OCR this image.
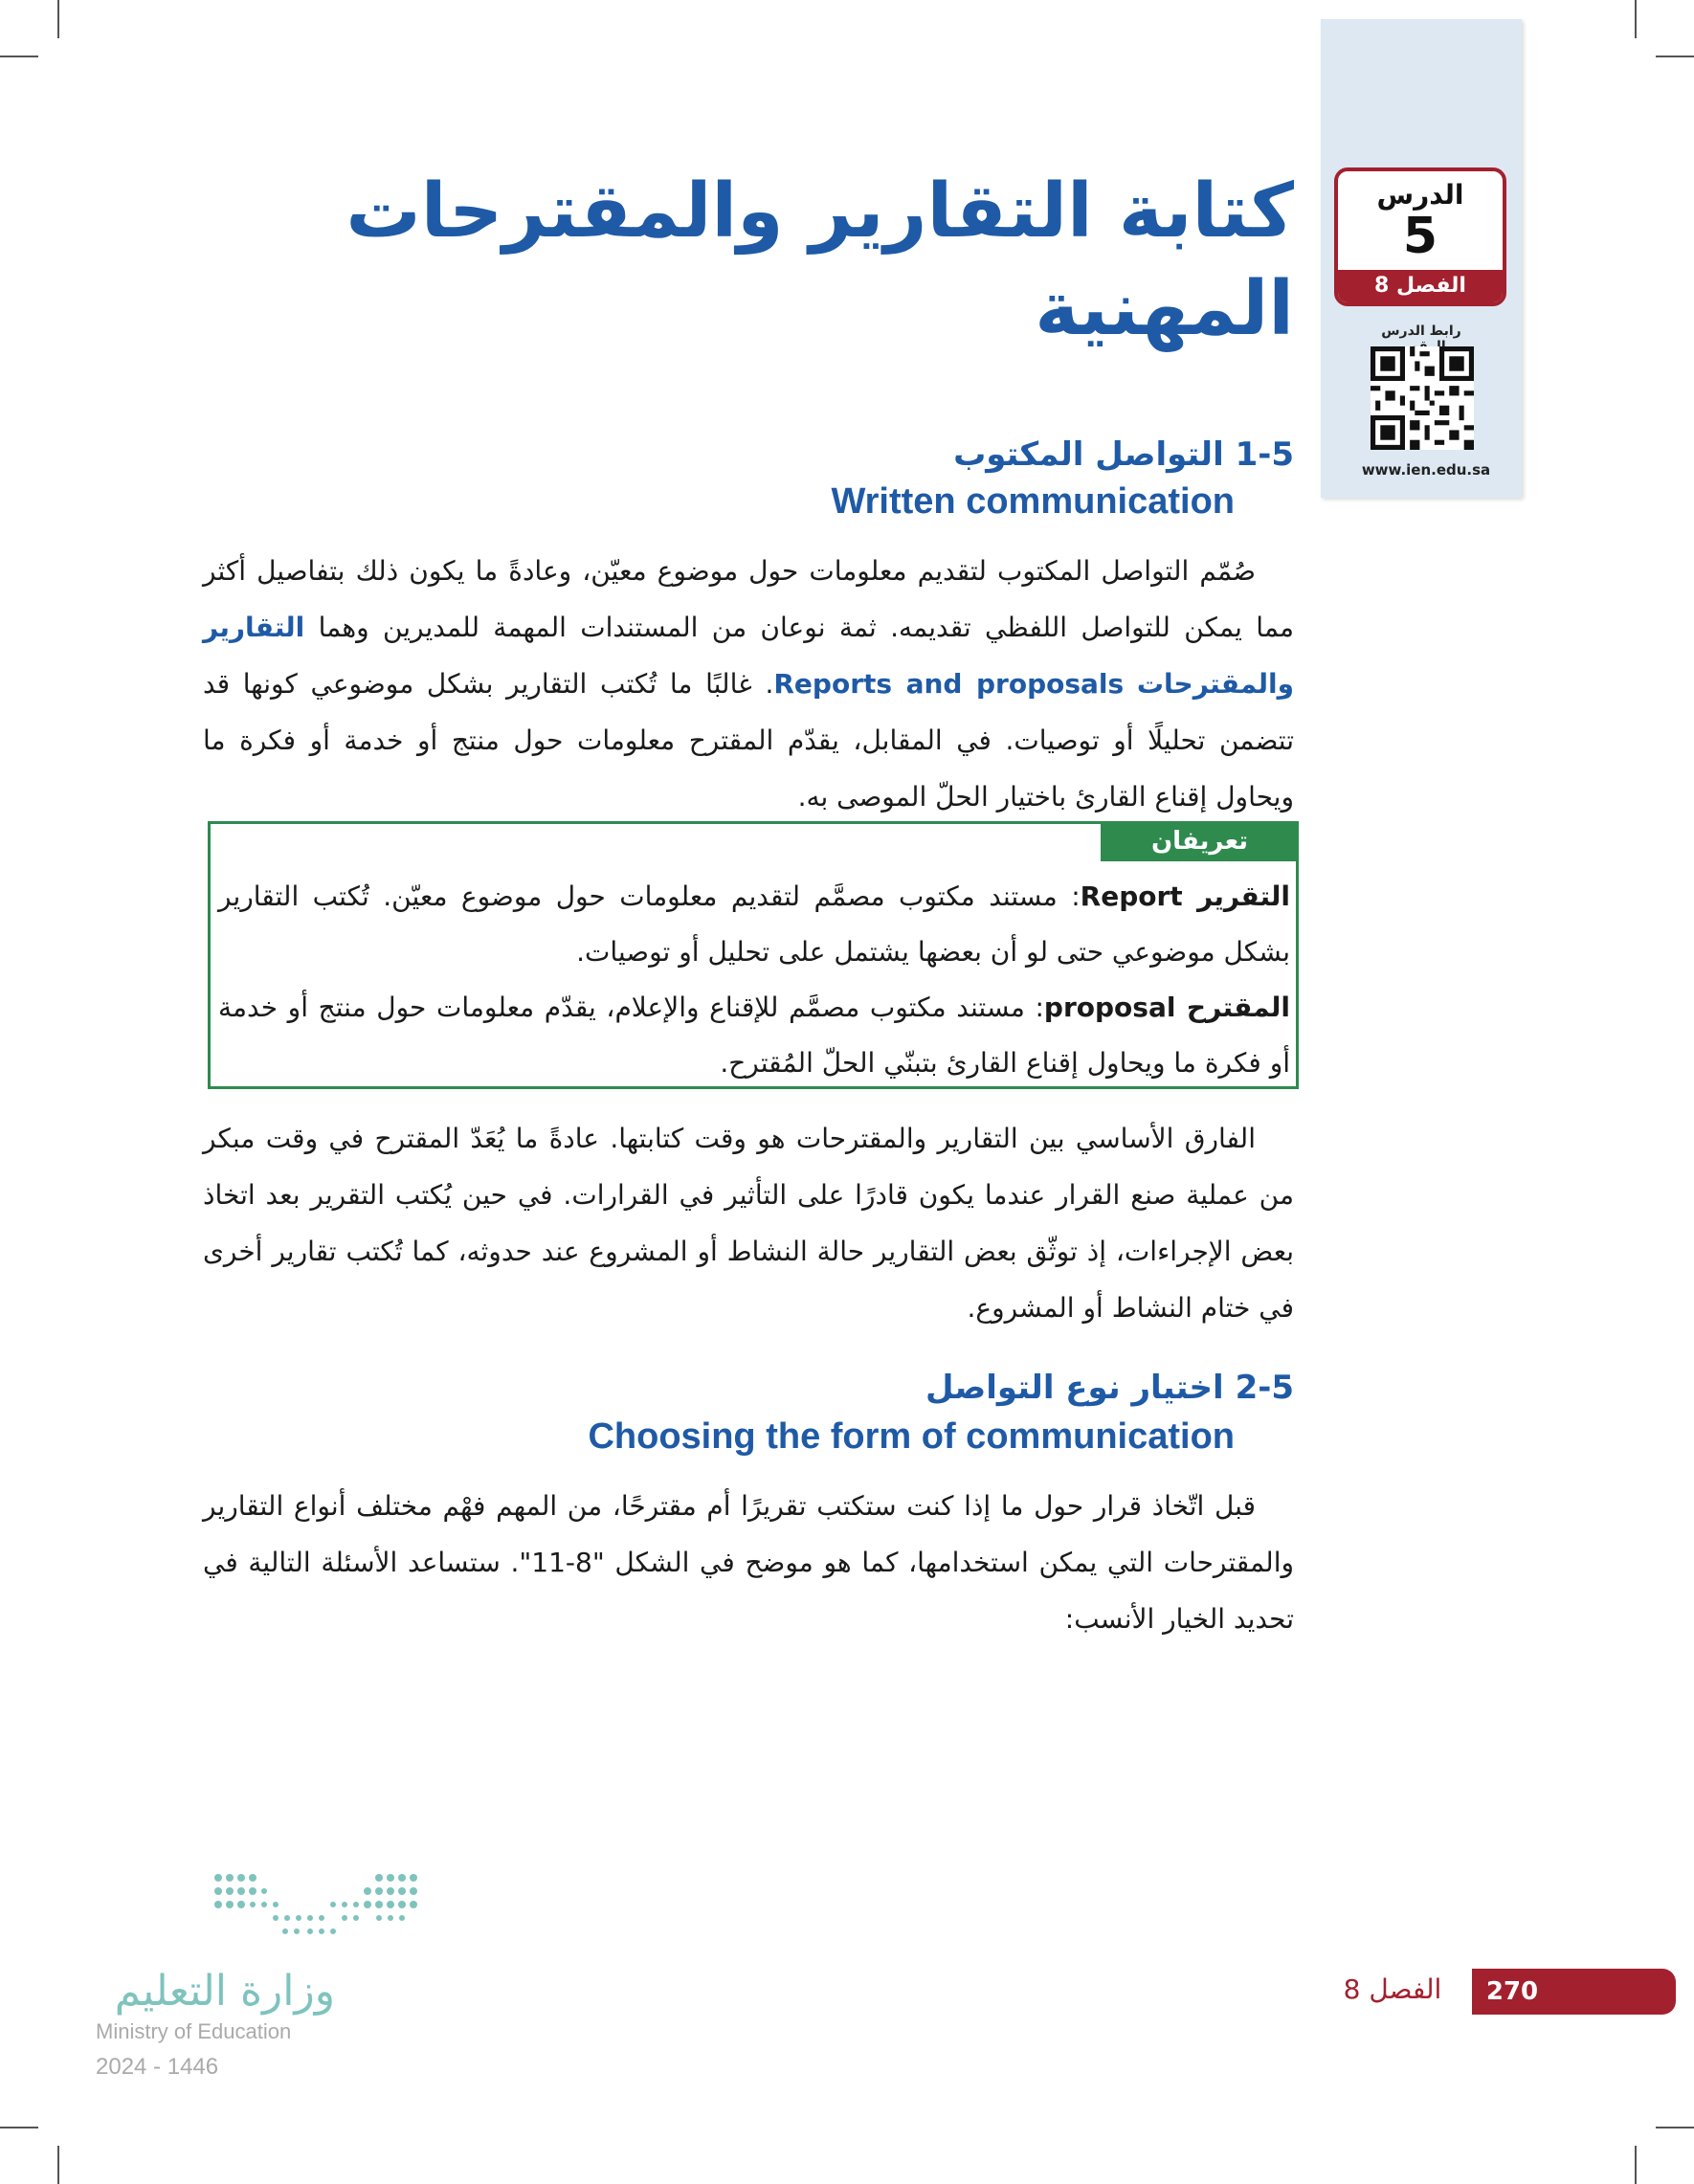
الدرس
5
الفصل 8
رابط الدرس
www.ien.edu.sa
كتابة التقارير والمقترحات
المهنية
1-5 التواصل المكتوب
Written communication
صُمّم التواصل المكتوب لتقديم معلومات حول موضوع معيّن، وعادةً ما يكون ذلك بتفاصيل أكثر مما يمكن للتواصل اللفظي تقديمه. ثمة نوعان من المستندات المهمة للمديرين وهما التقارير والمقترحات Reports and proposals. غالبًا ما تُكتب التقارير بشكل موضوعي كونها قد تتضمن تحليلًا أو توصيات. في المقابل، يقدّم المقترح معلومات حول منتج أو خدمة أو فكرة ما ويحاول إقناع القارئ باختيار الحلّ الموصى به.
تعريفان
التقرير Report: مستند مكتوب مصمَّم لتقديم معلومات حول موضوع معيّن. تُكتب التقارير بشكل موضوعي حتى لو أن بعضها يشتمل على تحليل أو توصيات.
المقترح proposal: مستند مكتوب مصمَّم للإقناع والإعلام، يقدّم معلومات حول منتج أو خدمة أو فكرة ما ويحاول إقناع القارئ بتبنّي الحلّ المُقترح.
الفارق الأساسي بين التقارير والمقترحات هو وقت كتابتها. عادةً ما يُعَدّ المقترح في وقت مبكر من عملية صنع القرار عندما يكون قادرًا على التأثير في القرارات. في حين يُكتب التقرير بعد اتخاذ بعض الإجراءات، إذ توثّق بعض التقارير حالة النشاط أو المشروع عند حدوثه، كما تُكتب تقارير أخرى في ختام النشاط أو المشروع.
2-5 اختيار نوع التواصل
Choosing the form of communication
قبل اتّخاذ قرار حول ما إذا كنت ستكتب تقريرًا أم مقترحًا، من المهم فهْم مختلف أنواع التقارير والمقترحات التي يمكن استخدامها، كما هو موضح في الشكل "8-11". ستساعد الأسئلة التالية في تحديد الخيار الأنسب:
وزارة التعليم
Ministry of Education
2024 - 1446
270
الفصل 8
